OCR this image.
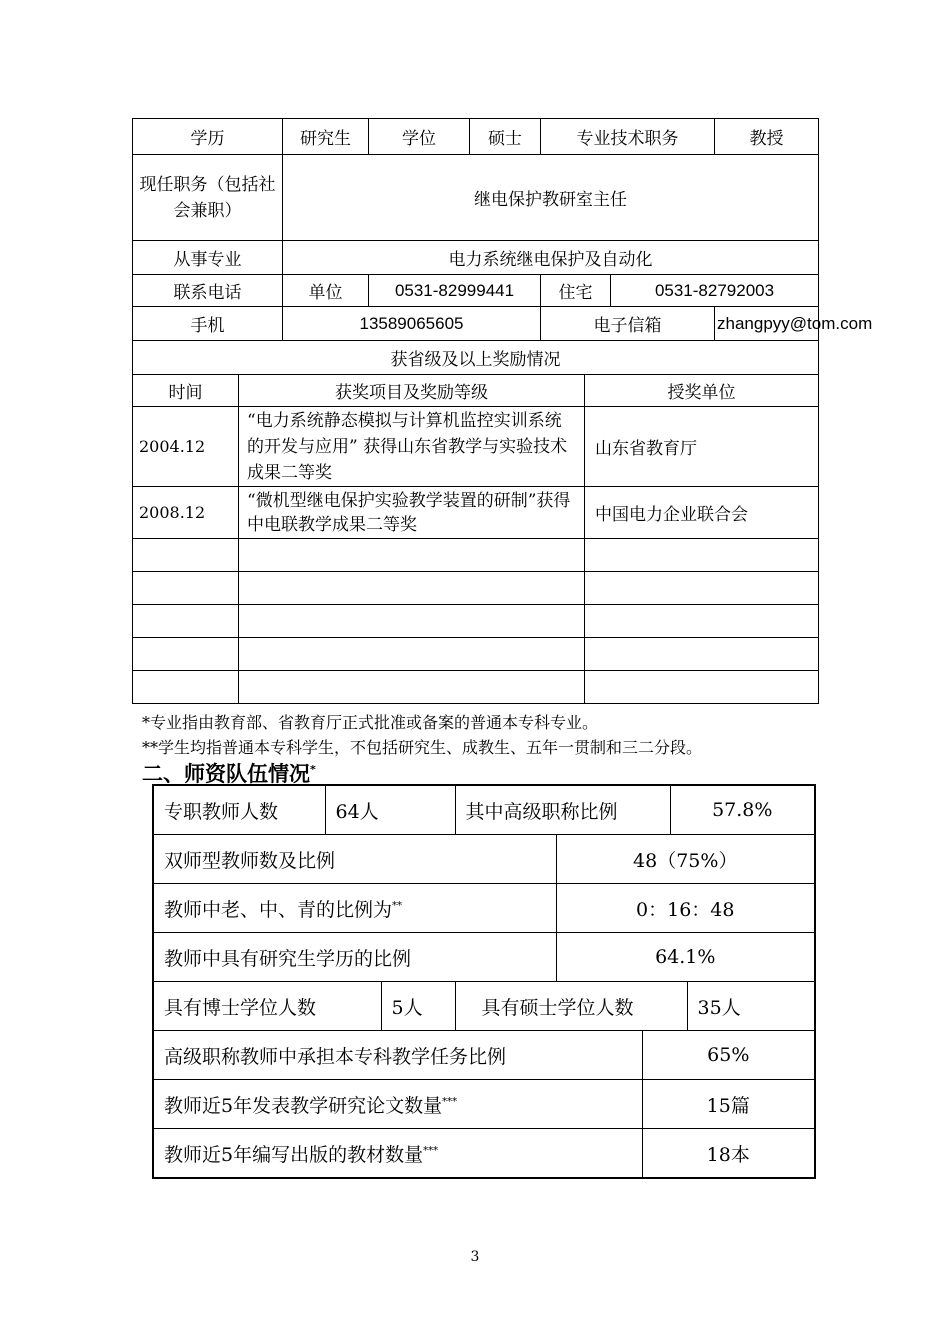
学历		研究生	学位	硕士	专业技术职务			教授
现任职务（包括社会兼职）		继电保护教研室主任						
从事专业		电力系统继电保护及自动化						
联系电话		单位	0531-82999441		住宅		0531-82792003	
手机		13589065605			电子信箱			zhangpyy@tom.com
获省级及以上奖励情况								
时间	获奖项目及奖励等级					授奖单位		
2004.12	“电力系统静态模拟与计算机监控实训系统的开发与应用” 获得山东省教学与实验技术成果二等奖					山东省教育厅		
2008.12	“微机型继电保护实验教学装置的研制”获得中电联教学成果二等奖					中国电力企业联合会		

*专业指由教育部、省教育厅正式批准或备案的普通本专科专业。
**学生均指普通本专科学生，不包括研究生、成教生、五年一贯制和三二分段。
二、师资队伍情况*
专职教师人数	64人		其中高级职称比例			57.8%	
双师型教师数及比例				48（75%）			
教师中老、中、青的比例为**				0：16：48			
教师中具有研究生学历的比例				64.1%			
具有博士学位人数		5人	具有硕士学位人数				35人
高级职称教师中承担本专科教学任务比例					65%		
教师近5年发表教学研究论文数量***					15篇		
教师近5年编写出版的教材数量***					18本		
3
